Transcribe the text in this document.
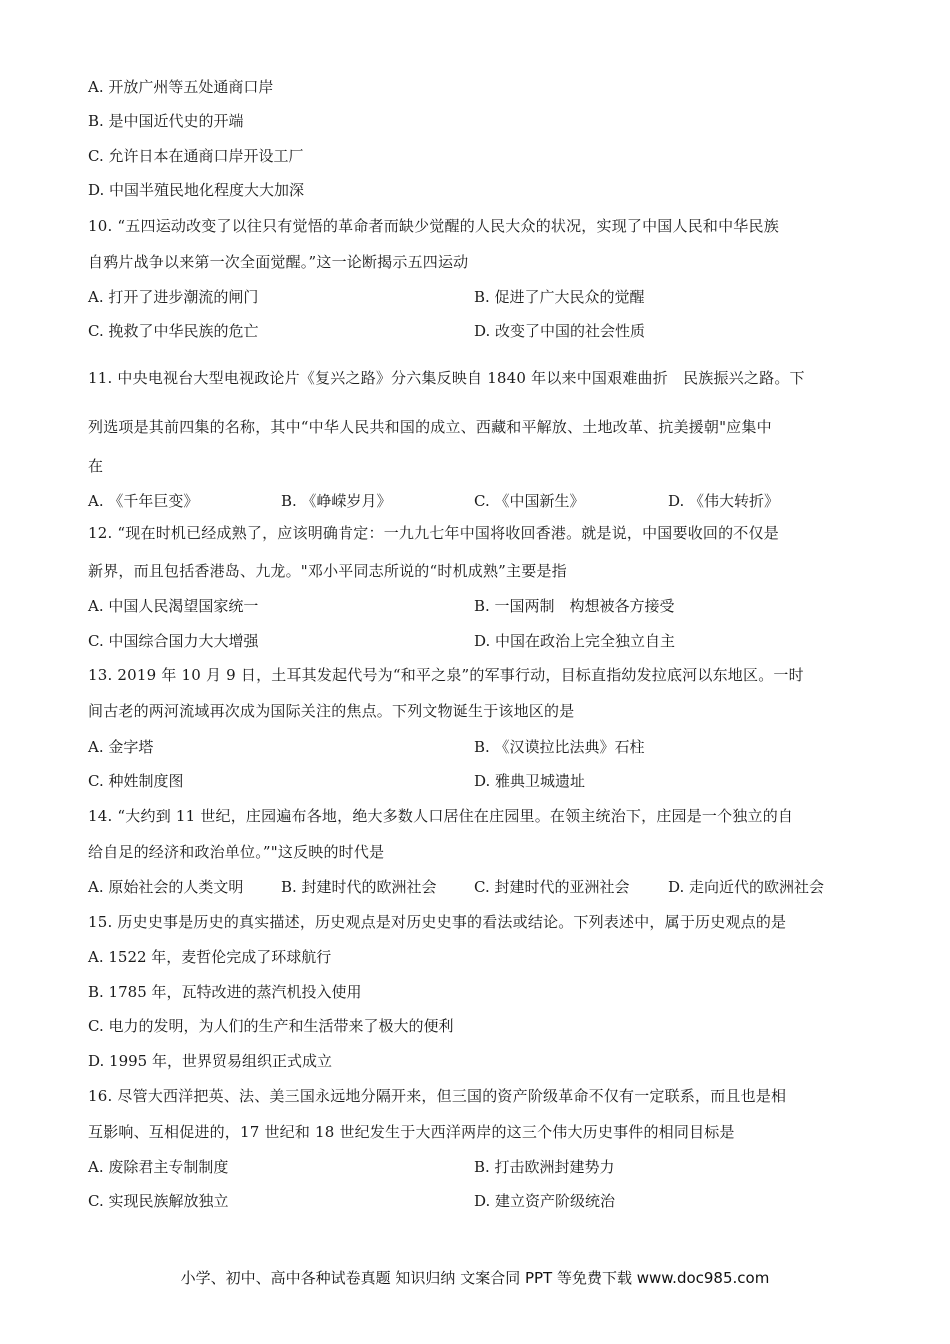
A. 开放广州等五处通商口岸
B. 是中国近代史的开端
C. 允许日本在通商口岸开设工厂
D. 中国半殖民地化程度大大加深
10. “五四运动改变了以往只有觉悟的革命者而缺少觉醒的人民大众的状况，实现了中国人民和中华民族
自鸦片战争以来第一次全面觉醒。”这一论断揭示五四运动
A. 打开了进步潮流的闸门	B. 促进了广大民众的觉醒
C. 挽救了中华民族的危亡	D. 改变了中国的社会性质
11. 中央电视台大型电视政论片《复兴之路》分六集反映自 1840 年以来中国艰难曲折　民族振兴之路。下
列选项是其前四集的名称，其中“中华人民共和国的成立、西藏和平解放、土地改革、抗美援朝"应集中
在
A. 《千年巨变》	B. 《峥嵘岁月》	C. 《中国新生》	D. 《伟大转折》
12. “现在时机已经成熟了，应该明确肯定：一九九七年中国将收回香港。就是说，中国要收回的不仅是
新界，而且包括香港岛、九龙。"邓小平同志所说的“时机成熟”主要是指
A. 中国人民渴望国家统一	B. 一国两制　构想被各方接受
C. 中国综合国力大大增强	D. 中国在政治上完全独立自主
13. 2019 年 10 月 9 日，土耳其发起代号为“和平之泉”的军事行动，目标直指幼发拉底河以东地区。一时
间古老的两河流域再次成为国际关注的焦点。下列文物诞生于该地区的是
A. 金字塔	B. 《汉谟拉比法典》石柱
C. 种姓制度图	D. 雅典卫城遗址
14. “大约到 11 世纪，庄园遍布各地，绝大多数人口居住在庄园里。在领主统治下，庄园是一个独立的自
给自足的经济和政治单位。”"这反映的时代是
A. 原始社会的人类文明	B. 封建时代的欧洲社会 C. 封建时代的亚洲社会	D. 走向近代的欧洲社会
15. 历史史事是历史的真实描述，历史观点是对历史史事的看法或结论。下列表述中，属于历史观点的是
A. 1522 年，麦哲伦完成了环球航行
B. 1785 年，瓦特改进的蒸汽机投入使用
C. 电力的发明，为人们的生产和生活带来了极大的便利
D. 1995 年，世界贸易组织正式成立
16. 尽管大西洋把英、法、美三国永远地分隔开来，但三国的资产阶级革命不仅有一定联系，而且也是相
互影响、互相促进的，17 世纪和 18 世纪发生于大西洋两岸的这三个伟大历史事件的相同目标是
A. 废除君主专制制度	B. 打击欧洲封建势力
C. 实现民族解放独立	D. 建立资产阶级统治
小学、初中、高中各种试卷真题 知识归纳 文案合同 PPT 等免费下载 www.doc985.com
